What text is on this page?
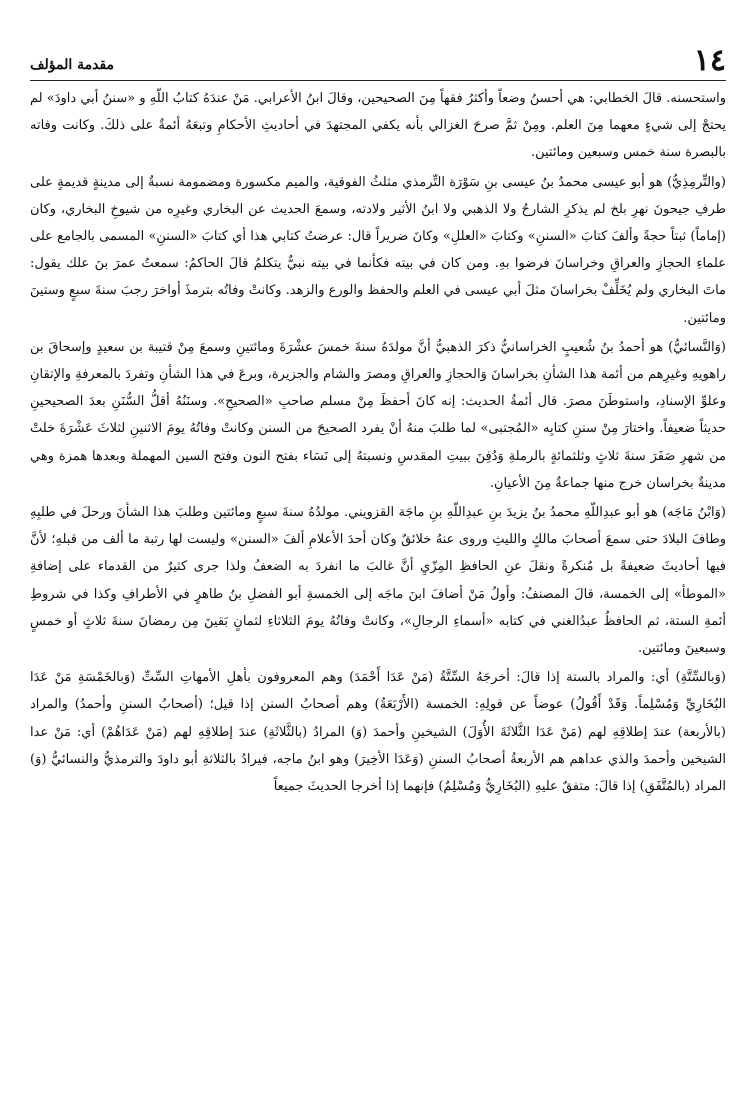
١٤
مقدمة المؤلف

واستحسنه. قالَ الخطابي: هي أحسنُ وضعاً وأكثرُ فقهاً مِنَ الصحيحين، وقالَ ابنُ الأعرابي. مَنْ عندَهُ كتابُ اللّهِ و «سننُ أبي داودَ» لم يحتجْ إلى شيءٍ معهما مِنَ العلم. ومِنْ ثمَّ صرحَ الغزالي بأنه يكفي المجتهدَ في أحاديثِ الأحكامِ وتبعَهُ أئمةٌ على ذلكَ. وكانت وفاته بالبصرة سنة خمس وسبعين ومائتين.

(والتِّرمِذِيُّ) هو أبو عيسى محمدُ بنُ عيسى بنِ سَوْرَة التِّرمذي مثلثُ الفوقية، والميم مكسورة ومضمومة نسبةٌ إلى مدينةٍ قديمةٍ على طرفِ جيحونَ نهرِ بلخ لم يذكرِ الشارحُ ولا الذهبي ولا ابنُ الأثير ولادته، وسمعَ الحديث عن البخاري وغيرِه من شيوخِ البخاري، وكان (إماماً) ثبتاً حجةً وألفَ كتابَ «السننِ» وكتابَ «العللِ» وكانَ ضريراً قال: عرضتُ كتابي هذا أي كتابَ «السننِ» المسمى بالجامع على علماءِ الحجازِ والعراقِ وخراسانَ فرضوا بهِ. ومن كان في بيته فكأنما في بيته نبيٌّ يتكلمُ قالَ الحاكمُ: سمعتُ عمرَ بنَ علك يقول: ماتَ البخاري ولم يُخَلِّفْ بخراسانَ مثلَ أبي عيسى في العلم والحفظ والورع والزهد. وكانتْ وفاتُه بترمذَ أواخرَ رجبَ سنةَ سبعٍ وستينَ ومائتين.

(وَالنَّسائيُّ) هو أحمدُ بنُ شُعيبٍ الخراسانيُّ ذكرَ الذهبيُّ أنَّ مولدَهُ سنةَ خمسَ عشْرَةَ ومائتينِ وسمعَ مِنْ قتيبة بن سعيدٍ وإسحاقَ بن راهويهِ وغيرِهم من أئمة هذا الشأنِ بخراسانَ وَالحجازِ والعراقِ ومصرَ والشام والجزيرة، وبرعَ في هذا الشأنِ وتفردَ بالمعرفةِ والإتقانِ وعلوِّ الإسنادِ، واستوطَنَ مصرَ. قال أئمةُ الحديث: إنه كانَ أحفظَ مِنْ مسلم صاحبِ «الصحيحِ». وسنَنُهُ أقلُّ السُّنَنِ بعدَ الصحيحينِ حديثاً ضعيفاً. واختارَ مِنْ سننِ كتابِه «المُجتبى» لما طلبَ منهُ أنْ يفرد الصحيحَ من السنن وكانتْ وفاتُهُ يومَ الاثنينِ لثلاثَ عَشْرَةَ خلتْ من شهرِ صَفَرَ سنةَ ثلاثٍ وثلثمائةٍ بالرملةِ وَدُفِنَ ببيتِ المقدسِ ونسبتهُ إلى نَسَاء بفتح النون وفتح السين المهملة وبعدها همزة وهي مدينةٌ بخراسان خرج منها جماعةٌ مِنَ الأعيانِ.

(وَابْنُ مَاجَه) هو أبو عبدِاللّهِ محمدُ بنُ يزيدَ بنِ عبدِاللّهِ بنِ ماجَة القزويني. مولدُهُ سنةَ سبعٍ ومائتين وطلبَ هذا الشأنَ ورحلَ في طلبِهِ وطافَ البلادَ حتى سمعَ أصحابَ مالكٍ والليثِ وروى عنهُ خلائقٌ وكان أحدَ الأعلامِ ألفَ «السنن» وليست لها رتبة ما ألف من قبلهِ؛ لأنَّ فيها أحاديثَ ضعيفةً بل مُنكرةً ونقلَ عنِ الحافظِ المِزّيِ أنَّ غالبَ ما انفردَ به الضعفُ ولذا جرى كثيرٌ من القدماء على إضافةِ «الموطأ» إلى الخمسة، قالَ المصنفُ: وأولُ مَنْ أضافَ ابنَ ماجَه إلى الخمسةِ أبو الفضلِ بنُ طاهرٍ في الأطرافِ وكذا في شروطِ أئمةِ الستة، ثم الحافظُ عبدُالغني في كتابه «أسماءِ الرجالِ»، وكانتْ وفاتُهُ يومَ الثلاثاءِ لثمانٍ بَقينَ مِن رمضانَ سنةَ ثلاثٍ أو خمسٍ وسبعينَ ومائتين.

(وَبالسِّتَّةِ) أي: والمراد بالستة إذا قالَ: أخرجَهُ السِّتَّةُ (مَنْ عَدَا أَحْمَدَ) وهم المعروفون بأهلِ الأمهاتِ السِّتِّ (وَبالخَمْسَةِ مَنْ عَدَا البُخَارِيِّ وَمُسْلِماً. وَقَدْ أَقُولُ) عوضاً عن قولِهِ: الخمسة (الأَرْبَعَةُ) وهم أصحابُ السنن إذا قيل؛ (أصحابُ السننِ وأحمدُ) والمراد (بالأربعة) عندَ إطلاقِهِ لهم (مَنْ عَدَا الثَّلاثَةَ الأُوَلَ) الشيخينِ وأحمدَ (وَ) المرادُ (بالثَّلاثَةِ) عندَ إطلاقِهِ لهم (مَنْ عَدَاهُمْ) أي: مَنْ عدا الشيخين وأحمدَ والذي عداهم هم الأربعةُ أصحابُ السننِ (وَعَدَا الأخِيرَ) وهو ابنُ ماجه، فيرادُ بالثلاثةِ أبو داودَ والترمذيُّ والنسائيُّ (وَ) المراد (بالمُتَّفَقِ) إذا قالَ: متفقٌ عليهِ (البُخَارِيُّ وَمُسْلِمٌ) فإنهما إذا أخرجا الحديثَ جميعاً
